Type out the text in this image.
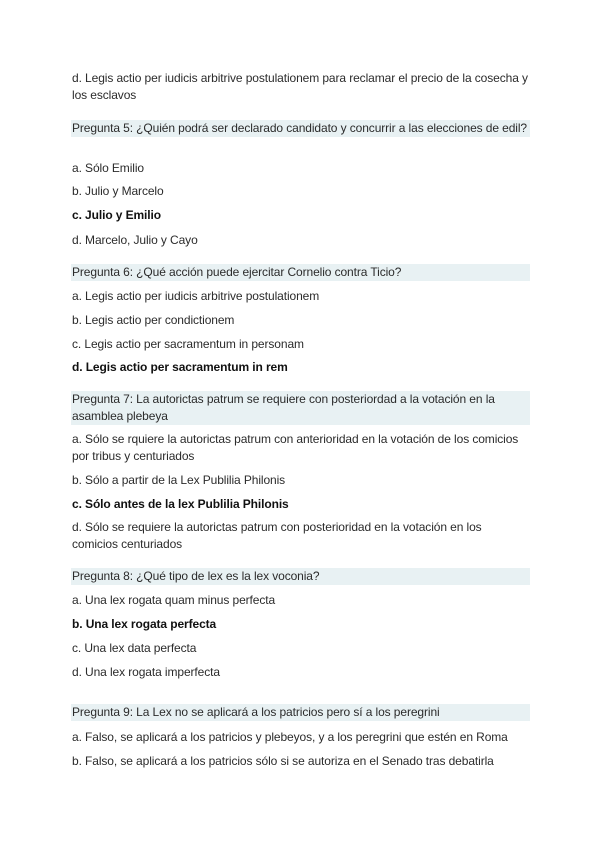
d. Legis actio per iudicis arbitrive postulationem para reclamar el precio de la cosecha y los esclavos
Pregunta 5: ¿Quién podrá ser declarado candidato y concurrir a las elecciones de edil?
a. Sólo Emilio
b. Julio y Marcelo
c. Julio y Emilio
d. Marcelo, Julio y Cayo
Pregunta 6: ¿Qué acción puede ejercitar Cornelio contra Ticio?
a. Legis actio per iudicis arbitrive postulationem
b. Legis actio per condictionem
c. Legis actio per sacramentum in personam
d. Legis actio per sacramentum in rem
Pregunta 7: La autorictas patrum se requiere con posteriordad a la votación en la asamblea plebeya
a. Sólo se rquiere la autorictas patrum con anterioridad en la votación de los comicios por tribus y centuriados
b. Sólo a partir de la Lex Publilia Philonis
c. Sólo antes de la lex Publilia Philonis
d. Sólo se requiere la autorictas patrum con posterioridad en la votación en los comicios centuriados
Pregunta 8: ¿Qué tipo de lex es la lex voconia?
a. Una lex rogata quam minus perfecta
b. Una lex rogata perfecta
c. Una lex data perfecta
d. Una lex rogata imperfecta
Pregunta 9: La Lex no se aplicará a los patricios pero sí a los peregrini
a. Falso, se aplicará a los patricios y plebeyos, y a los peregrini que estén en Roma
b. Falso, se aplicará a los patricios sólo si se autoriza en el Senado tras debatirla
